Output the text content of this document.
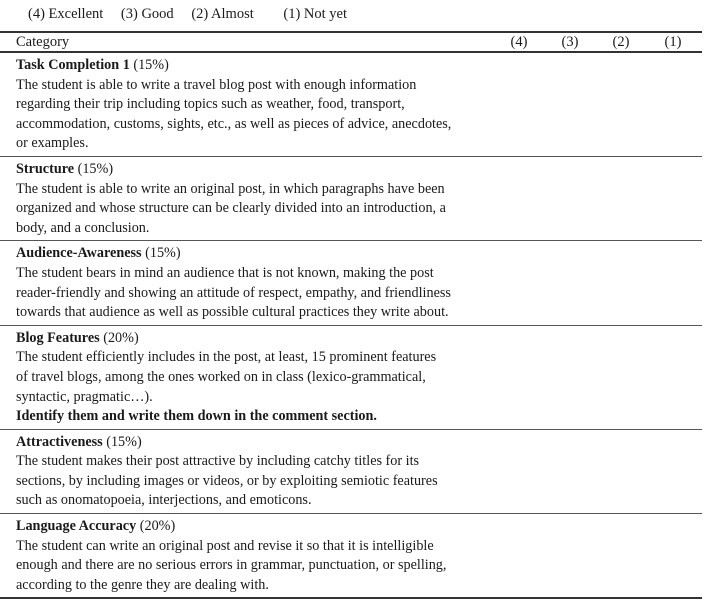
(4) Excellent (3) Good (2) Almost (1) Not yet
Category	(4)	(3)	(2)	(1)
Task Completion 1 (15%)
The student is able to write a travel blog post with enough information
regarding their trip including topics such as weather, food, transport,
accommodation, customs, sights, etc., as well as pieces of advice, anecdotes,
or examples.
Structure (15%)
The student is able to write an original post, in which paragraphs have been
organized and whose structure can be clearly divided into an introduction, a
body, and a conclusion.
Audience-Awareness (15%)
The student bears in mind an audience that is not known, making the post
reader-friendly and showing an attitude of respect, empathy, and friendliness
towards that audience as well as possible cultural practices they write about.
Blog Features (20%)
The student efficiently includes in the post, at least, 15 prominent features
of travel blogs, among the ones worked on in class (lexico-grammatical,
syntactic, pragmatic…).
Identify them and write them down in the comment section.
Attractiveness (15%)
The student makes their post attractive by including catchy titles for its
sections, by including images or videos, or by exploiting semiotic features
such as onomatopoeia, interjections, and emoticons.
Language Accuracy (20%)
The student can write an original post and revise it so that it is intelligible
enough and there are no serious errors in grammar, punctuation, or spelling,
according to the genre they are dealing with.
